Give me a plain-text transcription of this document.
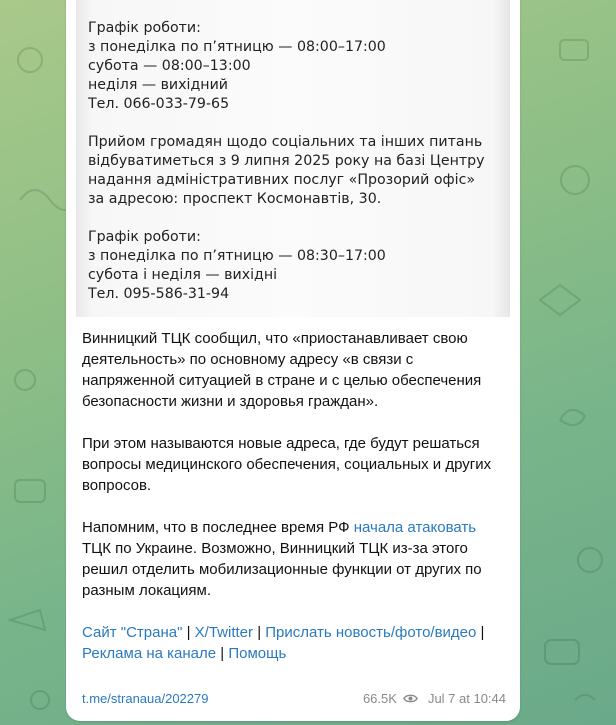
Графік роботи:
з понеділка по п’ятницю — 08:00–17:00
субота — 08:00–13:00
неділя — вихідний
Тел. 066-033-79-65
Прийом громадян щодо соціальних та інших питань
відбуватиметься з 9 липня 2025 року на базі Центру
надання адміністративних послуг «Прозорий офіс»
за адресою: проспект Космонавтів, 30.
Графік роботи:
з понеділка по п’ятницю — 08:30–17:00
субота і неділя — вихідні
Тел. 095-586-31-94

Винницкий ТЦК сообщил, что «приостанавливает свою деятельность» по основному адресу «в связи с напряженной ситуацией в стране и с целью обеспечения безопасности жизни и здоровья граждан».

При этом называются новые адреса, где будут решаться вопросы медицинского обеспечения, социальных и других вопросов.

Напомним, что в последнее время РФ начала атаковать ТЦК по Украине. Возможно, Винницкий ТЦК из-за этого решил отделить мобилизационные функции от других по разным локациям.

Сайт "Страна" | X/Twitter | Прислать новость/фото/видео | Реклама на канале | Помощь

t.me/stranaua/202279	66.5K Jul 7 at 10:44
